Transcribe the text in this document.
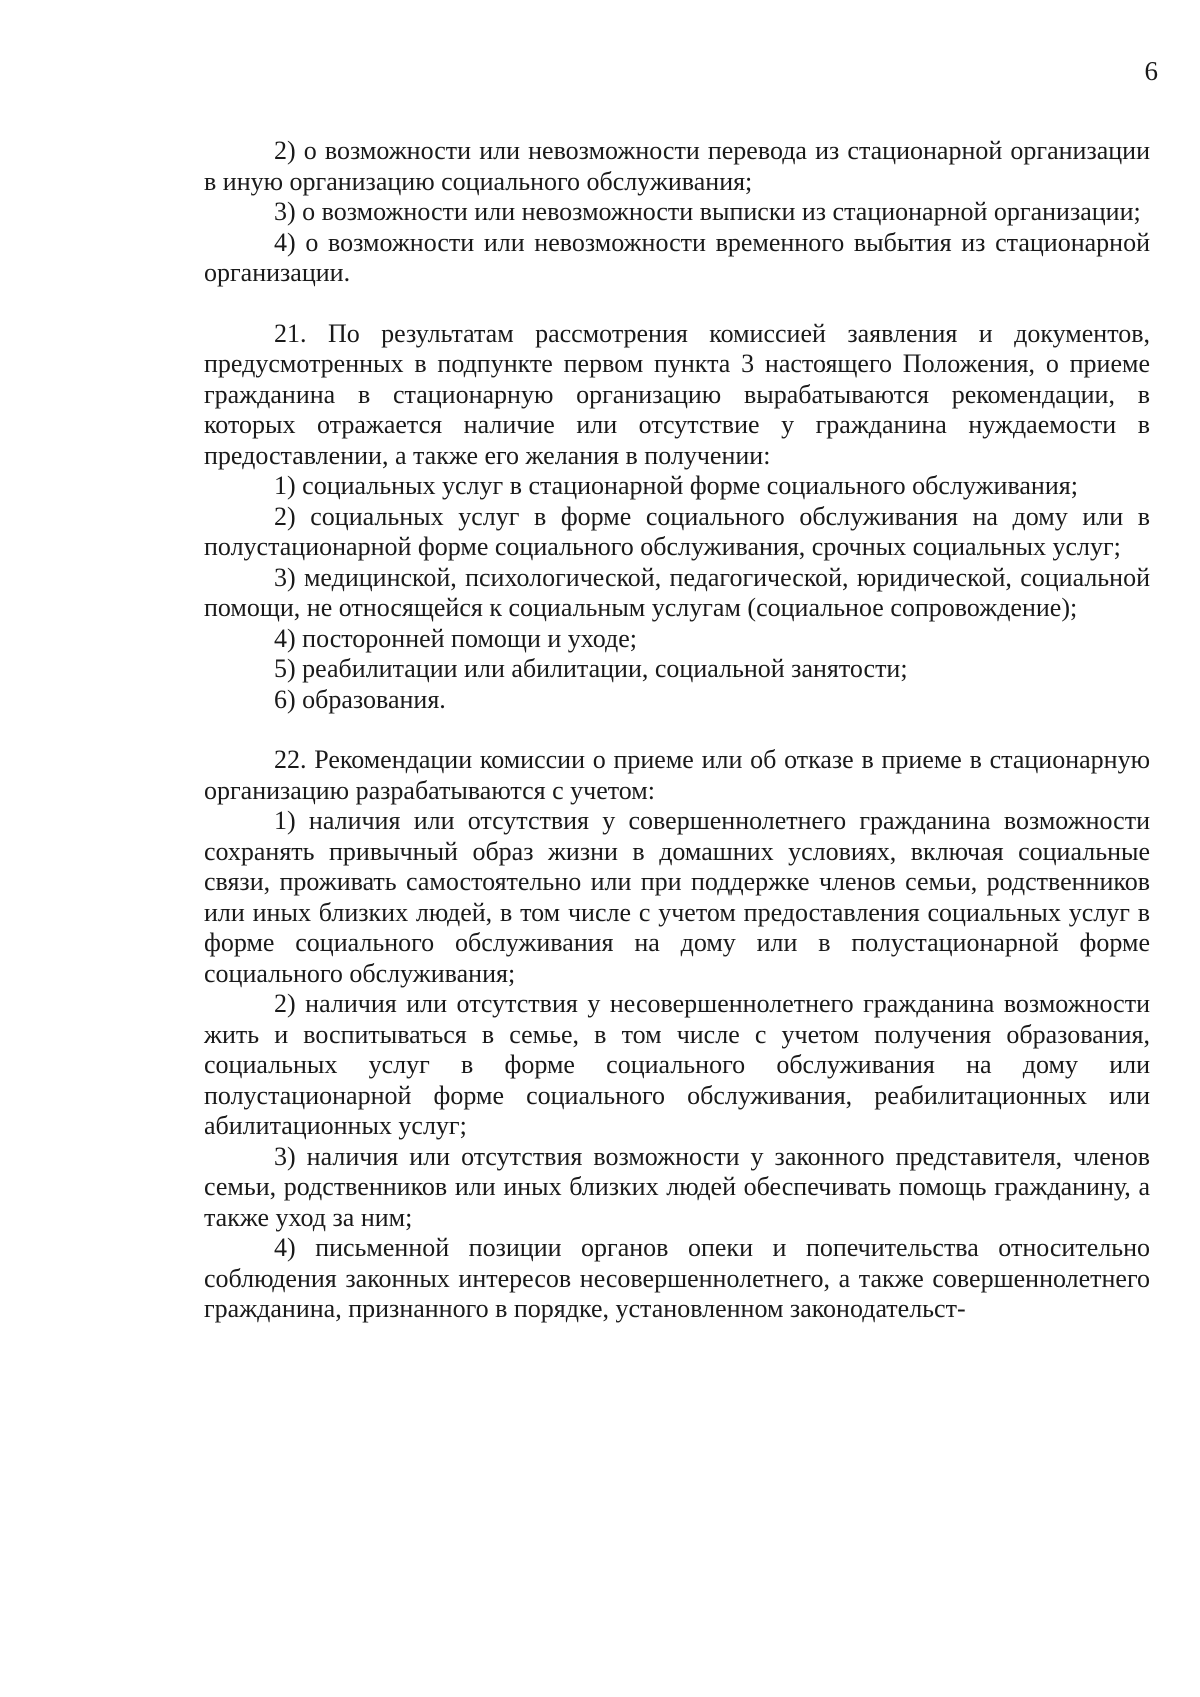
6

2) о возможности или невозможности перевода из стационарной организации в иную организацию социального обслуживания;

3) о возможности или невозможности выписки из стационарной организации;

4) о возможности или невозможности временного выбытия из стационарной организации.

21. По результатам рассмотрения комиссией заявления и документов, предусмотренных в подпункте первом пункта 3 настоящего Положения, о приеме гражданина в стационарную организацию вырабатываются рекомендации, в которых отражается наличие или отсутствие у гражданина нуждаемости в предоставлении, а также его желания в получении:

1) социальных услуг в стационарной форме социального обслуживания;

2) социальных услуг в форме социального обслуживания на дому или в полустационарной форме социального обслуживания, срочных социальных услуг;

3) медицинской, психологической, педагогической, юридической, социальной помощи, не относящейся к социальным услугам (социальное сопровождение);

4) посторонней помощи и уходе;

5) реабилитации или абилитации, социальной занятости;

6) образования.

22. Рекомендации комиссии о приеме или об отказе в приеме в стационарную организацию разрабатываются с учетом:

1) наличия или отсутствия у совершеннолетнего гражданина возможности сохранять привычный образ жизни в домашних условиях, включая социальные связи, проживать самостоятельно или при поддержке членов семьи, родственников или иных близких людей, в том числе с учетом предоставления социальных услуг в форме социального обслуживания на дому или в полустационарной форме социального обслуживания;

2) наличия или отсутствия у несовершеннолетнего гражданина возможности жить и воспитываться в семье, в том числе с учетом получения образования, социальных услуг в форме социального обслуживания на дому или полустационарной форме социального обслуживания, реабилитационных или абилитационных услуг;

3) наличия или отсутствия возможности у законного представителя, членов семьи, родственников или иных близких людей обеспечивать помощь гражданину, а также уход за ним;

4) письменной позиции органов опеки и попечительства относительно соблюдения законных интересов несовершеннолетнего, а также совершеннолетнего гражданина, признанного в порядке, установленном законодательст-
